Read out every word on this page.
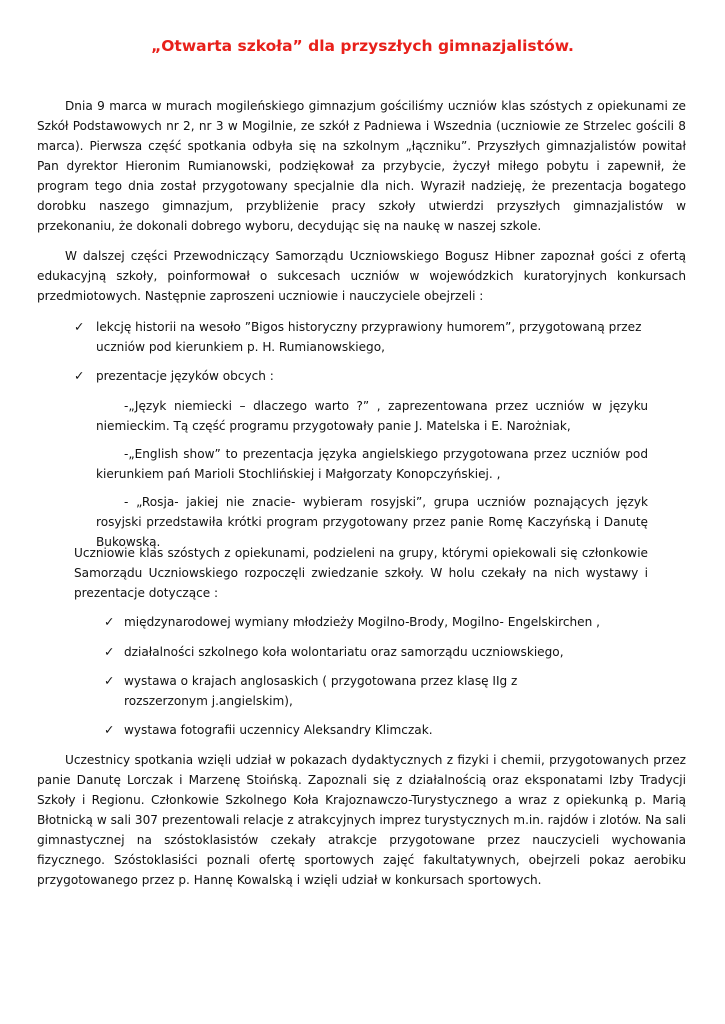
„Otwarta szkoła” dla przyszłych gimnazjalistów.

Dnia 9 marca w murach mogileńskiego gimnazjum gościliśmy uczniów klas szóstych z opiekunami ze Szkół Podstawowych nr 2, nr 3 w Mogilnie, ze szkół z Padniewa i Wszednia (uczniowie ze Strzelec gościli 8 marca). Pierwsza część spotkania odbyła się na szkolnym „łączniku”. Przyszłych gimnazjalistów powitał Pan dyrektor Hieronim Rumianowski, podziękował za przybycie, życzył miłego pobytu i zapewnił, że program tego dnia został przygotowany specjalnie dla nich. Wyraził nadzieję, że prezentacja bogatego dorobku naszego gimnazjum, przybliżenie pracy szkoły utwierdzi przyszłych gimnazjalistów w przekonaniu, że dokonali dobrego wyboru, decydując się na naukę w naszej szkole.

W dalszej części Przewodniczący Samorządu Uczniowskiego Bogusz Hibner zapoznał gości z ofertą edukacyjną szkoły, poinformował o sukcesach uczniów w wojewódzkich kuratoryjnych konkursach przedmiotowych. Następnie zaproszeni uczniowie i nauczyciele obejrzeli :

✓ lekcję historii na wesoło ”Bigos historyczny przyprawiony humorem”, przygotowaną przez uczniów pod kierunkiem p. H. Rumianowskiego,

✓ prezentacje języków obcych :

-„Język niemiecki – dlaczego warto ?” , zaprezentowana przez uczniów w języku niemieckim. Tą część programu przygotowały panie J. Matelska i E. Narożniak,

-„English show” to prezentacja języka angielskiego przygotowana przez uczniów pod kierunkiem pań Marioli Stochlińskiej i Małgorzaty Konopczyńskiej. ,

- „Rosja- jakiej nie znacie- wybieram rosyjski”, grupa uczniów poznających język rosyjski przedstawiła krótki program przygotowany przez panie Romę Kaczyńską i Danutę Bukowską.

Uczniowie klas szóstych z opiekunami, podzieleni na grupy, którymi opiekowali się członkowie Samorządu Uczniowskiego rozpoczęli zwiedzanie szkoły. W holu czekały na nich wystawy i prezentacje dotyczące :

✓ międzynarodowej wymiany młodzieży Mogilno-Brody, Mogilno- Engelskirchen ,

✓ działalności szkolnego koła wolontariatu oraz samorządu uczniowskiego,

✓ wystawa o krajach anglosaskich ( przygotowana przez klasę IIg z rozszerzonym j.angielskim),

✓ wystawa fotografii uczennicy Aleksandry Klimczak.

Uczestnicy spotkania wzięli udział w pokazach dydaktycznych z fizyki i chemii, przygotowanych przez panie Danutę Lorczak i Marzenę Stoińską. Zapoznali się z działalnością oraz eksponatami Izby Tradycji Szkoły i Regionu. Członkowie Szkolnego Koła Krajoznawczo-Turystycznego a wraz z opiekunką p. Marią Błotnicką w sali 307 prezentowali relacje z atrakcyjnych imprez turystycznych m.in. rajdów i zlotów. Na sali gimnastycznej na szóstoklasistów czekały atrakcje przygotowane przez nauczycieli wychowania fizycznego. Szóstoklasiści poznali ofertę sportowych zajęć fakultatywnych, obejrzeli pokaz aerobiku przygotowanego przez p. Hannę Kowalską i wzięli udział w konkursach sportowych.
